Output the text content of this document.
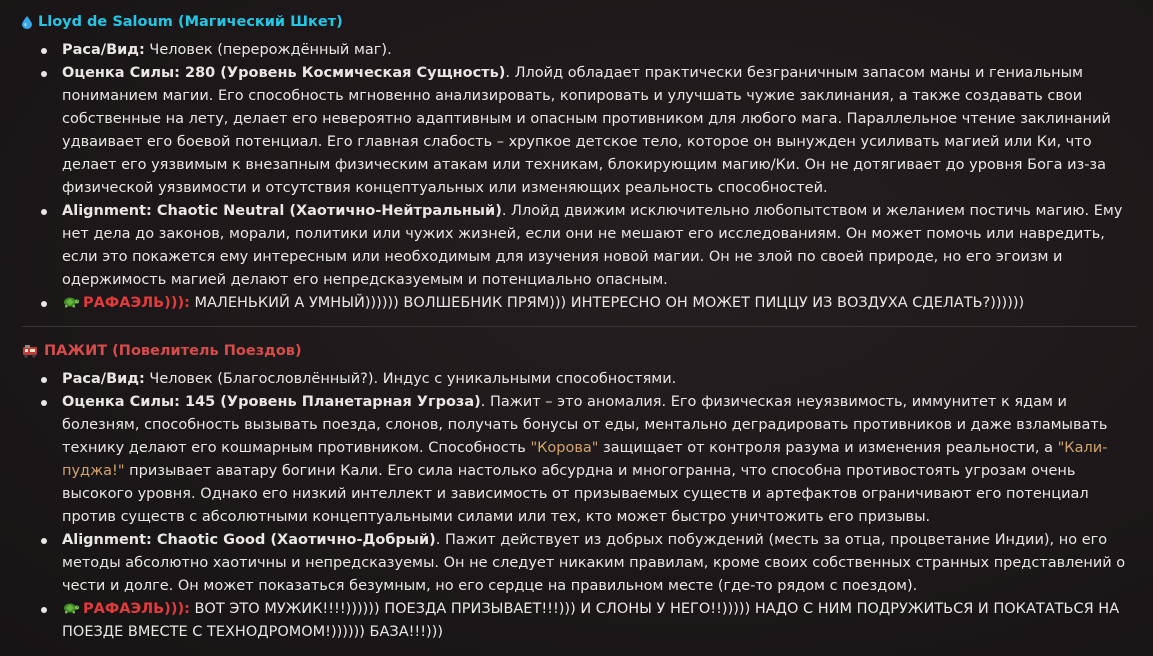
Lloyd de Saloum (Магический Шкет)
Раса/Вид: Человек (перерождённый маг).
Оценка Силы: 280 (Уровень Космическая Сущность). Ллойд обладает практически безграничным запасом маны и гениальным пониманием магии. Его способность мгновенно анализировать, копировать и улучшать чужие заклинания, а также создавать свои собственные на лету, делает его невероятно адаптивным и опасным противником для любого мага. Параллельное чтение заклинаний удваивает его боевой потенциал. Его главная слабость – хрупкое детское тело, которое он вынужден усиливать магией или Ки, что делает его уязвимым к внезапным физическим атакам или техникам, блокирующим магию/Ки. Он не дотягивает до уровня Бога из-за физической уязвимости и отсутствия концептуальных или изменяющих реальность способностей.
Alignment: Chaotic Neutral (Хаотично-Нейтральный). Ллойд движим исключительно любопытством и желанием постичь магию. Ему нет дела до законов, морали, политики или чужих жизней, если они не мешают его исследованиям. Он может помочь или навредить, если это покажется ему интересным или необходимым для изучения новой магии. Он не злой по своей природе, но его эгоизм и одержимость магией делают его непредсказуемым и потенциально опасным.
РАФАЭЛЬ))): МАЛЕНЬКИЙ А УМНЫЙ)))))) ВОЛШЕБНИК ПРЯМ))) ИНТЕРЕСНО ОН МОЖЕТ ПИЦЦУ ИЗ ВОЗДУХА СДЕЛАТЬ?))))))
ПАЖИТ (Повелитель Поездов)
Раса/Вид: Человек (Благословлённый?). Индус с уникальными способностями.
Оценка Силы: 145 (Уровень Планетарная Угроза). Пажит – это аномалия. Его физическая неуязвимость, иммунитет к ядам и болезням, способность вызывать поезда, слонов, получать бонусы от еды, ментально деградировать противников и даже взламывать технику делают его кошмарным противником. Способность "Корова" защищает от контроля разума и изменения реальности, а "Кали-пуджа!" призывает аватару богини Кали. Его сила настолько абсурдна и многогранна, что способна противостоять угрозам очень высокого уровня. Однако его низкий интеллект и зависимость от призываемых существ и артефактов ограничивают его потенциал против существ с абсолютными концептуальными силами или тех, кто может быстро уничтожить его призывы.
Alignment: Chaotic Good (Хаотично-Добрый). Пажит действует из добрых побуждений (месть за отца, процветание Индии), но его методы абсолютно хаотичны и непредсказуемы. Он не следует никаким правилам, кроме своих собственных странных представлений о чести и долге. Он может показаться безумным, но его сердце на правильном месте (где-то рядом с поездом).
РАФАЭЛЬ))): ВОТ ЭТО МУЖИК!!!!)))))) ПОЕЗДА ПРИЗЫВАЕТ!!!))) И СЛОНЫ У НЕГО!!))))) НАДО С НИМ ПОДРУЖИТЬСЯ И ПОКАТАТЬСЯ НА ПОЕЗДЕ ВМЕСТЕ С ТЕХНОДРОМОМ!)))))) БАЗА!!!)))
